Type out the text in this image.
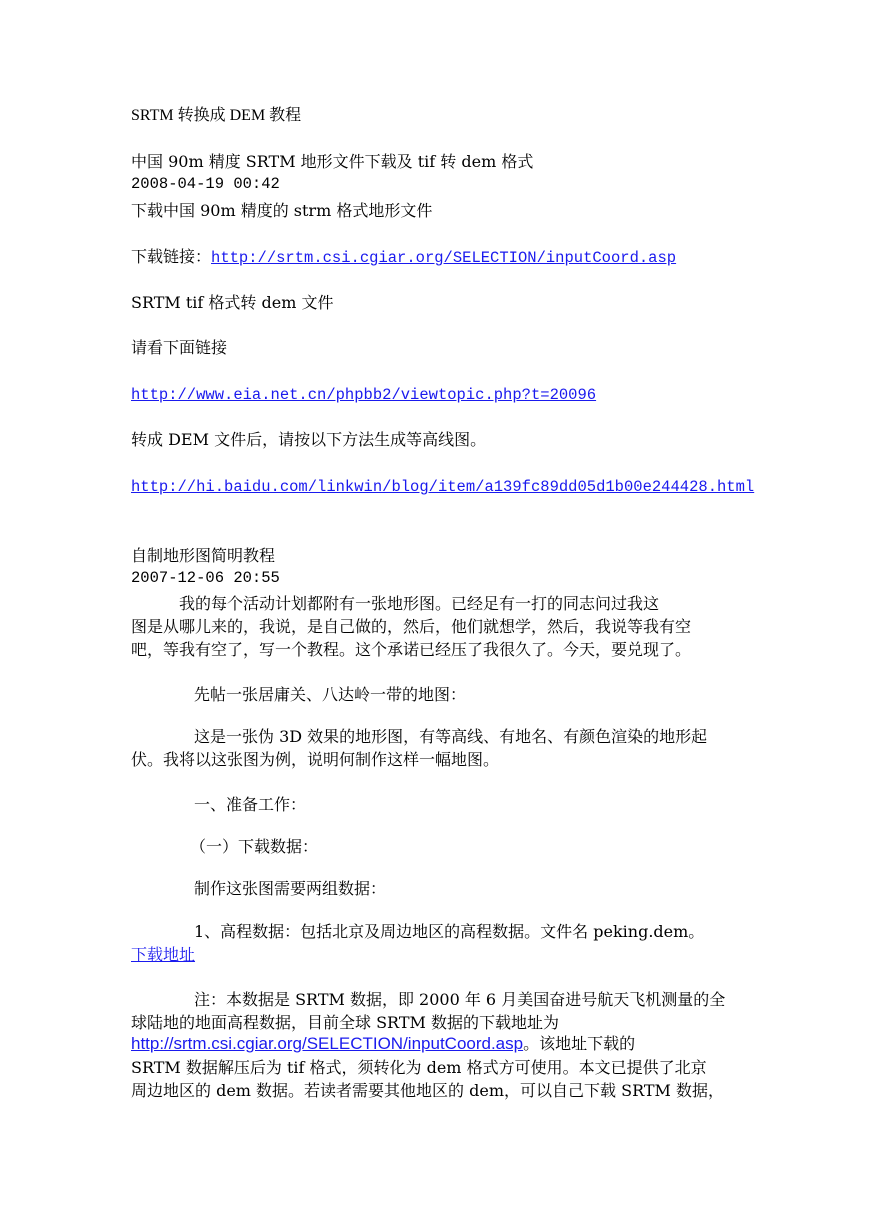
SRTM 转换成 DEM 教程
中国 90m 精度 SRTM 地形文件下载及 tif 转 dem 格式
2008-04-19 00:42
下载中国 90m 精度的 strm 格式地形文件
下载链接：http://srtm.csi.cgiar.org/SELECTION/inputCoord.asp
SRTM tif 格式转 dem 文件
请看下面链接
http://www.eia.net.cn/phpbb2/viewtopic.php?t=20096
转成 DEM 文件后，请按以下方法生成等高线图。
http://hi.baidu.com/linkwin/blog/item/a139fc89dd05d1b00e244428.html
自制地形图简明教程
2007-12-06 20:55
　　　我的每个活动计划都附有一张地形图。已经足有一打的同志问过我这
图是从哪儿来的，我说，是自己做的，然后，他们就想学，然后，我说等我有空
吧，等我有空了，写一个教程。这个承诺已经压了我很久了。今天，要兑现了。
先帖一张居庸关、八达岭一带的地图：
这是一张伪 3D 效果的地形图，有等高线、有地名、有颜色渲染的地形起
伏。我将以这张图为例，说明何制作这样一幅地图。
一、准备工作：
（一）下载数据：
制作这张图需要两组数据：
1、高程数据：包括北京及周边地区的高程数据。文件名 peking.dem。
下载地址
注：本数据是 SRTM 数据，即 2000 年 6 月美国奋进号航天飞机测量的全
球陆地的地面高程数据，目前全球 SRTM 数据的下载地址为
http://srtm.csi.cgiar.org/SELECTION/inputCoord.asp。该地址下载的
SRTM 数据解压后为 tif 格式，须转化为 dem 格式方可使用。本文已提供了北京
周边地区的 dem 数据。若读者需要其他地区的 dem，可以自己下载 SRTM 数据，
